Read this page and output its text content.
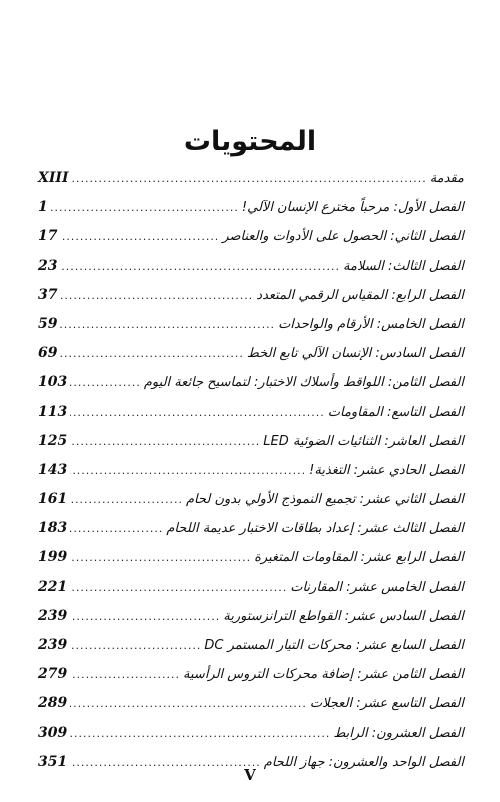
المحتويات
مقدمة
.....
XIII
الفصل الأول: مرحباً مخترع الإنسان الآلي!
.....
1
الفصل الثاني: الحصول على الأدوات والعناصر
.....
17
الفصل الثالث: السلامة
.....
23
الفصل الرابع: المقياس الرقمي المتعدد
.....
37
الفصل الخامس: الأرقام والواحدات
.....
59
الفصل السادس: الإنسان الآلي تابع الخط
.....
69
الفصل الثامن: اللواقط وأسلاك الاختبار: لتماسيح جائعة اليوم
.....
103
الفصل التاسع: المقاومات
.....
113
الفصل العاشر: الثنائيات الضوئية LED
.....
125
الفصل الحادي عشر: التغذية!
.....
143
الفصل الثاني عشر: تجميع النموذج الأولي بدون لحام
.....
161
الفصل الثالث عشر: إعداد بطاقات الاختبار عديمة اللحام
.....
183
الفصل الرابع عشر: المقاومات المتغيرة
.....
199
الفصل الخامس عشر: المقارنات
.....
221
الفصل السادس عشر: القواطع الترانزستورية
.....
239
الفصل السابع عشر: محركات التيار المستمر DC
.....
239
الفصل الثامن عشر: إضافة محركات التروس الرأسية
.....
279
الفصل التاسع عشر: العجلات
.....
289
الفصل العشرون: الرابط
.....
309
الفصل الواحد والعشرون: جهاز اللحام
.....
351
V
